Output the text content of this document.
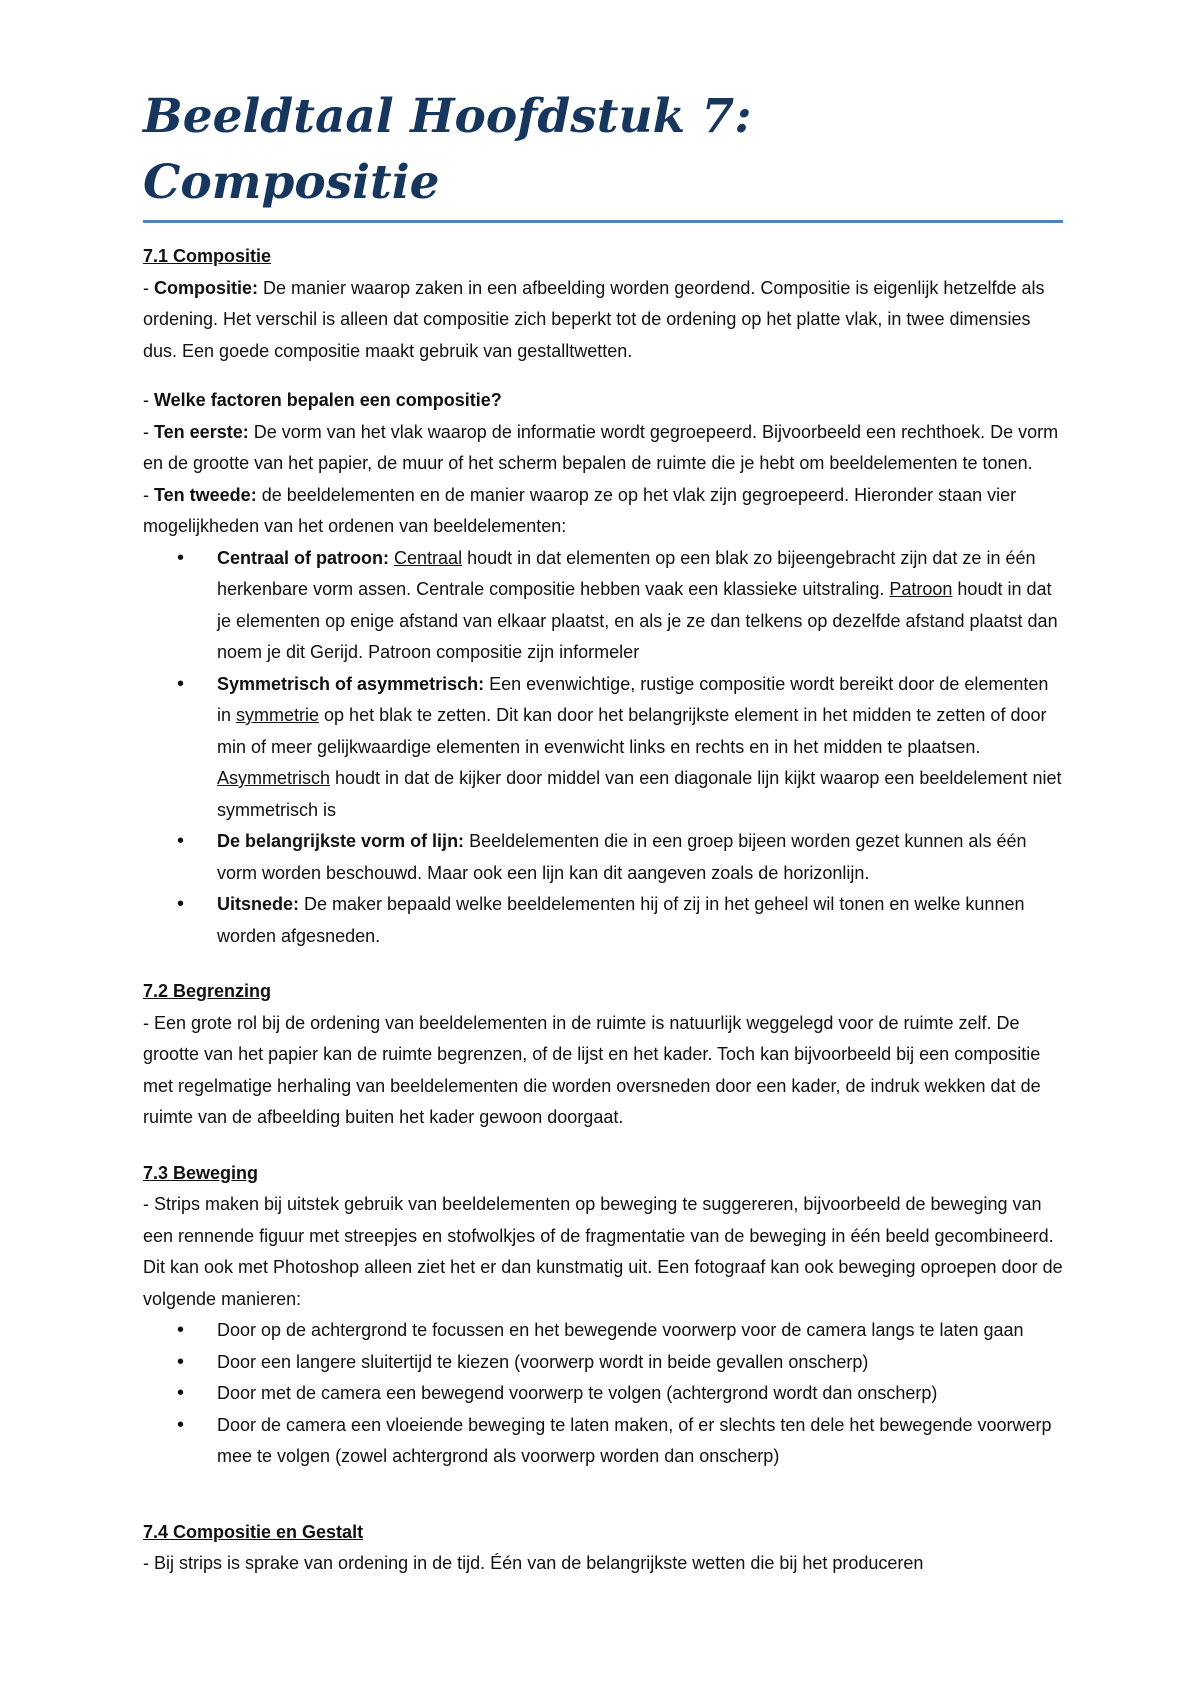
Beeldtaal Hoofdstuk 7: Compositie
7.1 Compositie

- Compositie: De manier waarop zaken in een afbeelding worden geordend. Compositie is eigenlijk hetzelfde als ordening. Het verschil is alleen dat compositie zich beperkt tot de ordening op het platte vlak, in twee dimensies dus. Een goede compositie maakt gebruik van gestalltwetten.

- Welke factoren bepalen een compositie?

- Ten eerste: De vorm van het vlak waarop de informatie wordt gegroepeerd. Bijvoorbeeld een rechthoek. De vorm en de grootte van het papier, de muur of het scherm bepalen de ruimte die je hebt om beeldelementen te tonen.

- Ten tweede: de beeldelementen en de manier waarop ze op het vlak zijn gegroepeerd. Hieronder staan vier mogelijkheden van het ordenen van beeldelementen:

• Centraal of patroon: Centraal houdt in dat elementen op een blak zo bijeengebracht zijn dat ze in één herkenbare vorm assen. Centrale compositie hebben vaak een klassieke uitstraling. Patroon houdt in dat je elementen op enige afstand van elkaar plaatst, en als je ze dan telkens op dezelfde afstand plaatst dan noem je dit Gerijd. Patroon compositie zijn informeler
• Symmetrisch of asymmetrisch: Een evenwichtige, rustige compositie wordt bereikt door de elementen in symmetrie op het blak te zetten. Dit kan door het belangrijkste element in het midden te zetten of door min of meer gelijkwaardige elementen in evenwicht links en rechts en in het midden te plaatsen. Asymmetrisch houdt in dat de kijker door middel van een diagonale lijn kijkt waarop een beeldelement niet symmetrisch is
• De belangrijkste vorm of lijn: Beeldelementen die in een groep bijeen worden gezet kunnen als één vorm worden beschouwd. Maar ook een lijn kan dit aangeven zoals de horizonlijn.
• Uitsnede: De maker bepaald welke beeldelementen hij of zij in het geheel wil tonen en welke kunnen worden afgesneden.
7.2 Begrenzing

- Een grote rol bij de ordening van beeldelementen in de ruimte is natuurlijk weggelegd voor de ruimte zelf. De grootte van het papier kan de ruimte begrenzen, of de lijst en het kader. Toch kan bijvoorbeeld bij een compositie met regelmatige herhaling van beeldelementen die worden oversneden door een kader, de indruk wekken dat de ruimte van de afbeelding buiten het kader gewoon doorgaat.

7.3 Beweging

- Strips maken bij uitstek gebruik van beeldelementen op beweging te suggereren, bijvoorbeeld de beweging van een rennende figuur met streepjes en stofwolkjes of de fragmentatie van de beweging in één beeld gecombineerd. Dit kan ook met Photoshop alleen ziet het er dan kunstmatig uit. Een fotograaf kan ook beweging oproepen door de volgende manieren:

• Door op de achtergrond te focussen en het bewegende voorwerp voor de camera langs te laten gaan
• Door een langere sluitertijd te kiezen (voorwerp wordt in beide gevallen onscherp)
• Door met de camera een bewegend voorwerp te volgen (achtergrond wordt dan onscherp)
• Door de camera een vloeiende beweging te laten maken, of er slechts ten dele het bewegende voorwerp mee te volgen (zowel achtergrond als voorwerp worden dan onscherp)
7.4 Compositie en Gestalt

- Bij strips is sprake van ordening in de tijd. Één van de belangrijkste wetten die bij het produceren
